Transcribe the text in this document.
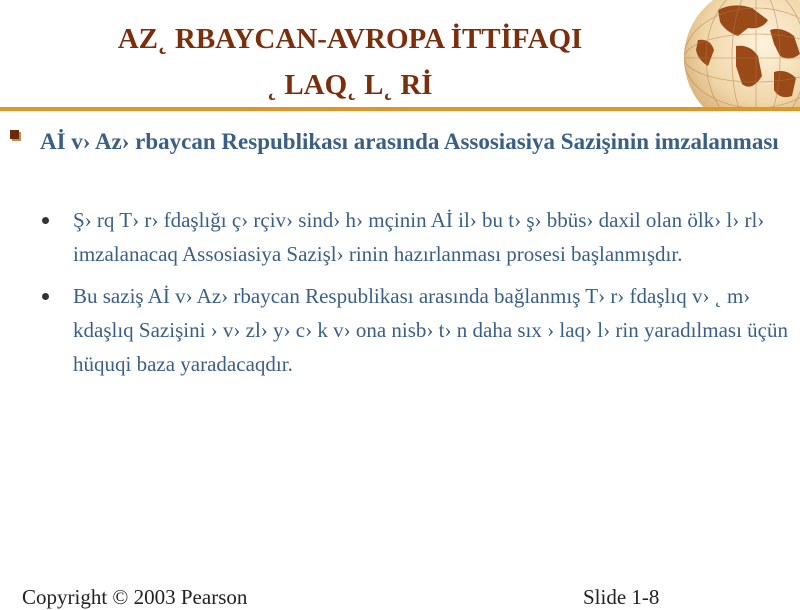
AZ˛ RBAYCAN-AVROPA İTTİFAQI
˛ LAQ˛ L˛ Rİ

Aİ v› Az› rbaycan Respublikası arasında Assosiasiya Sazişinin imzalanması

Ş› rq T› r› fdaşlığı ç› rçiv› sind› h› mçinin Aİ il› bu t› ş› bbüs› daxil olan ölk› l› rl› imzalanacaq Assosiasiya Sazişl› rinin hazırlanması prosesi başlanmışdır.
Bu saziş Aİ v› Az› rbaycan Respublikası arasında bağlanmış T› r› fdaşlıq v› ˛ m› kdaşlıq Sazişini › v› zl› y› c› k v› ona nisb› t› n daha sıx › laq› l› rin yaradılması üçün hüquqi baza yaradacaqdır.
Copyright © 2003 Pearson	Slide 1-8
